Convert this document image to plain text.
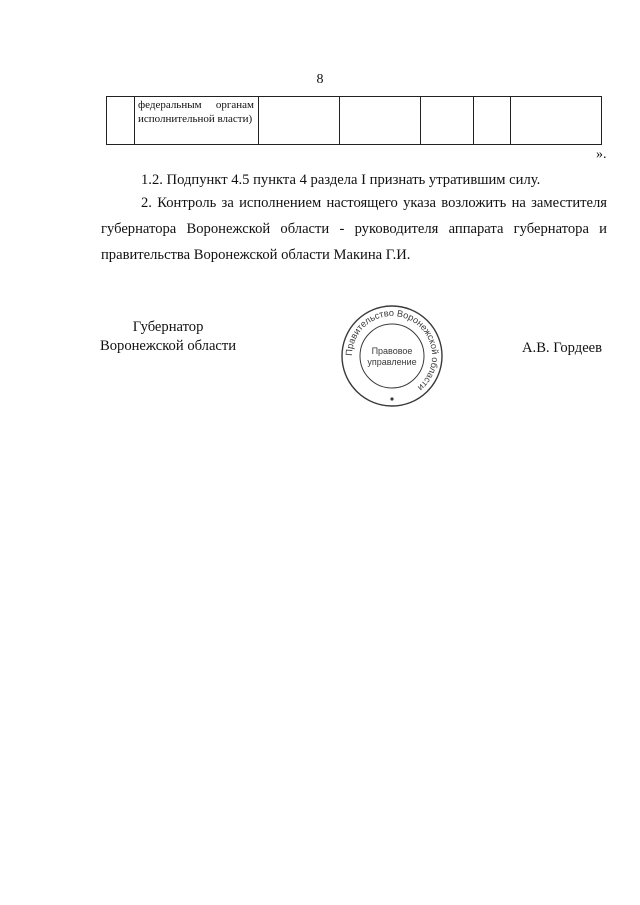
8
	федеральным органам исполнительной власти)					
».

1.2. Подпункт 4.5 пункта 4 раздела I признать утратившим силу.

2. Контроль за исполнением настоящего указа возложить на заместителя губернатора Воронежской области - руководителя аппарата губернатора и правительства Воронежской области Макина Г.И.

Губернатор
Воронежской области	Правительство Воронежской области
Правовое
управление
А.В. Гордеев
